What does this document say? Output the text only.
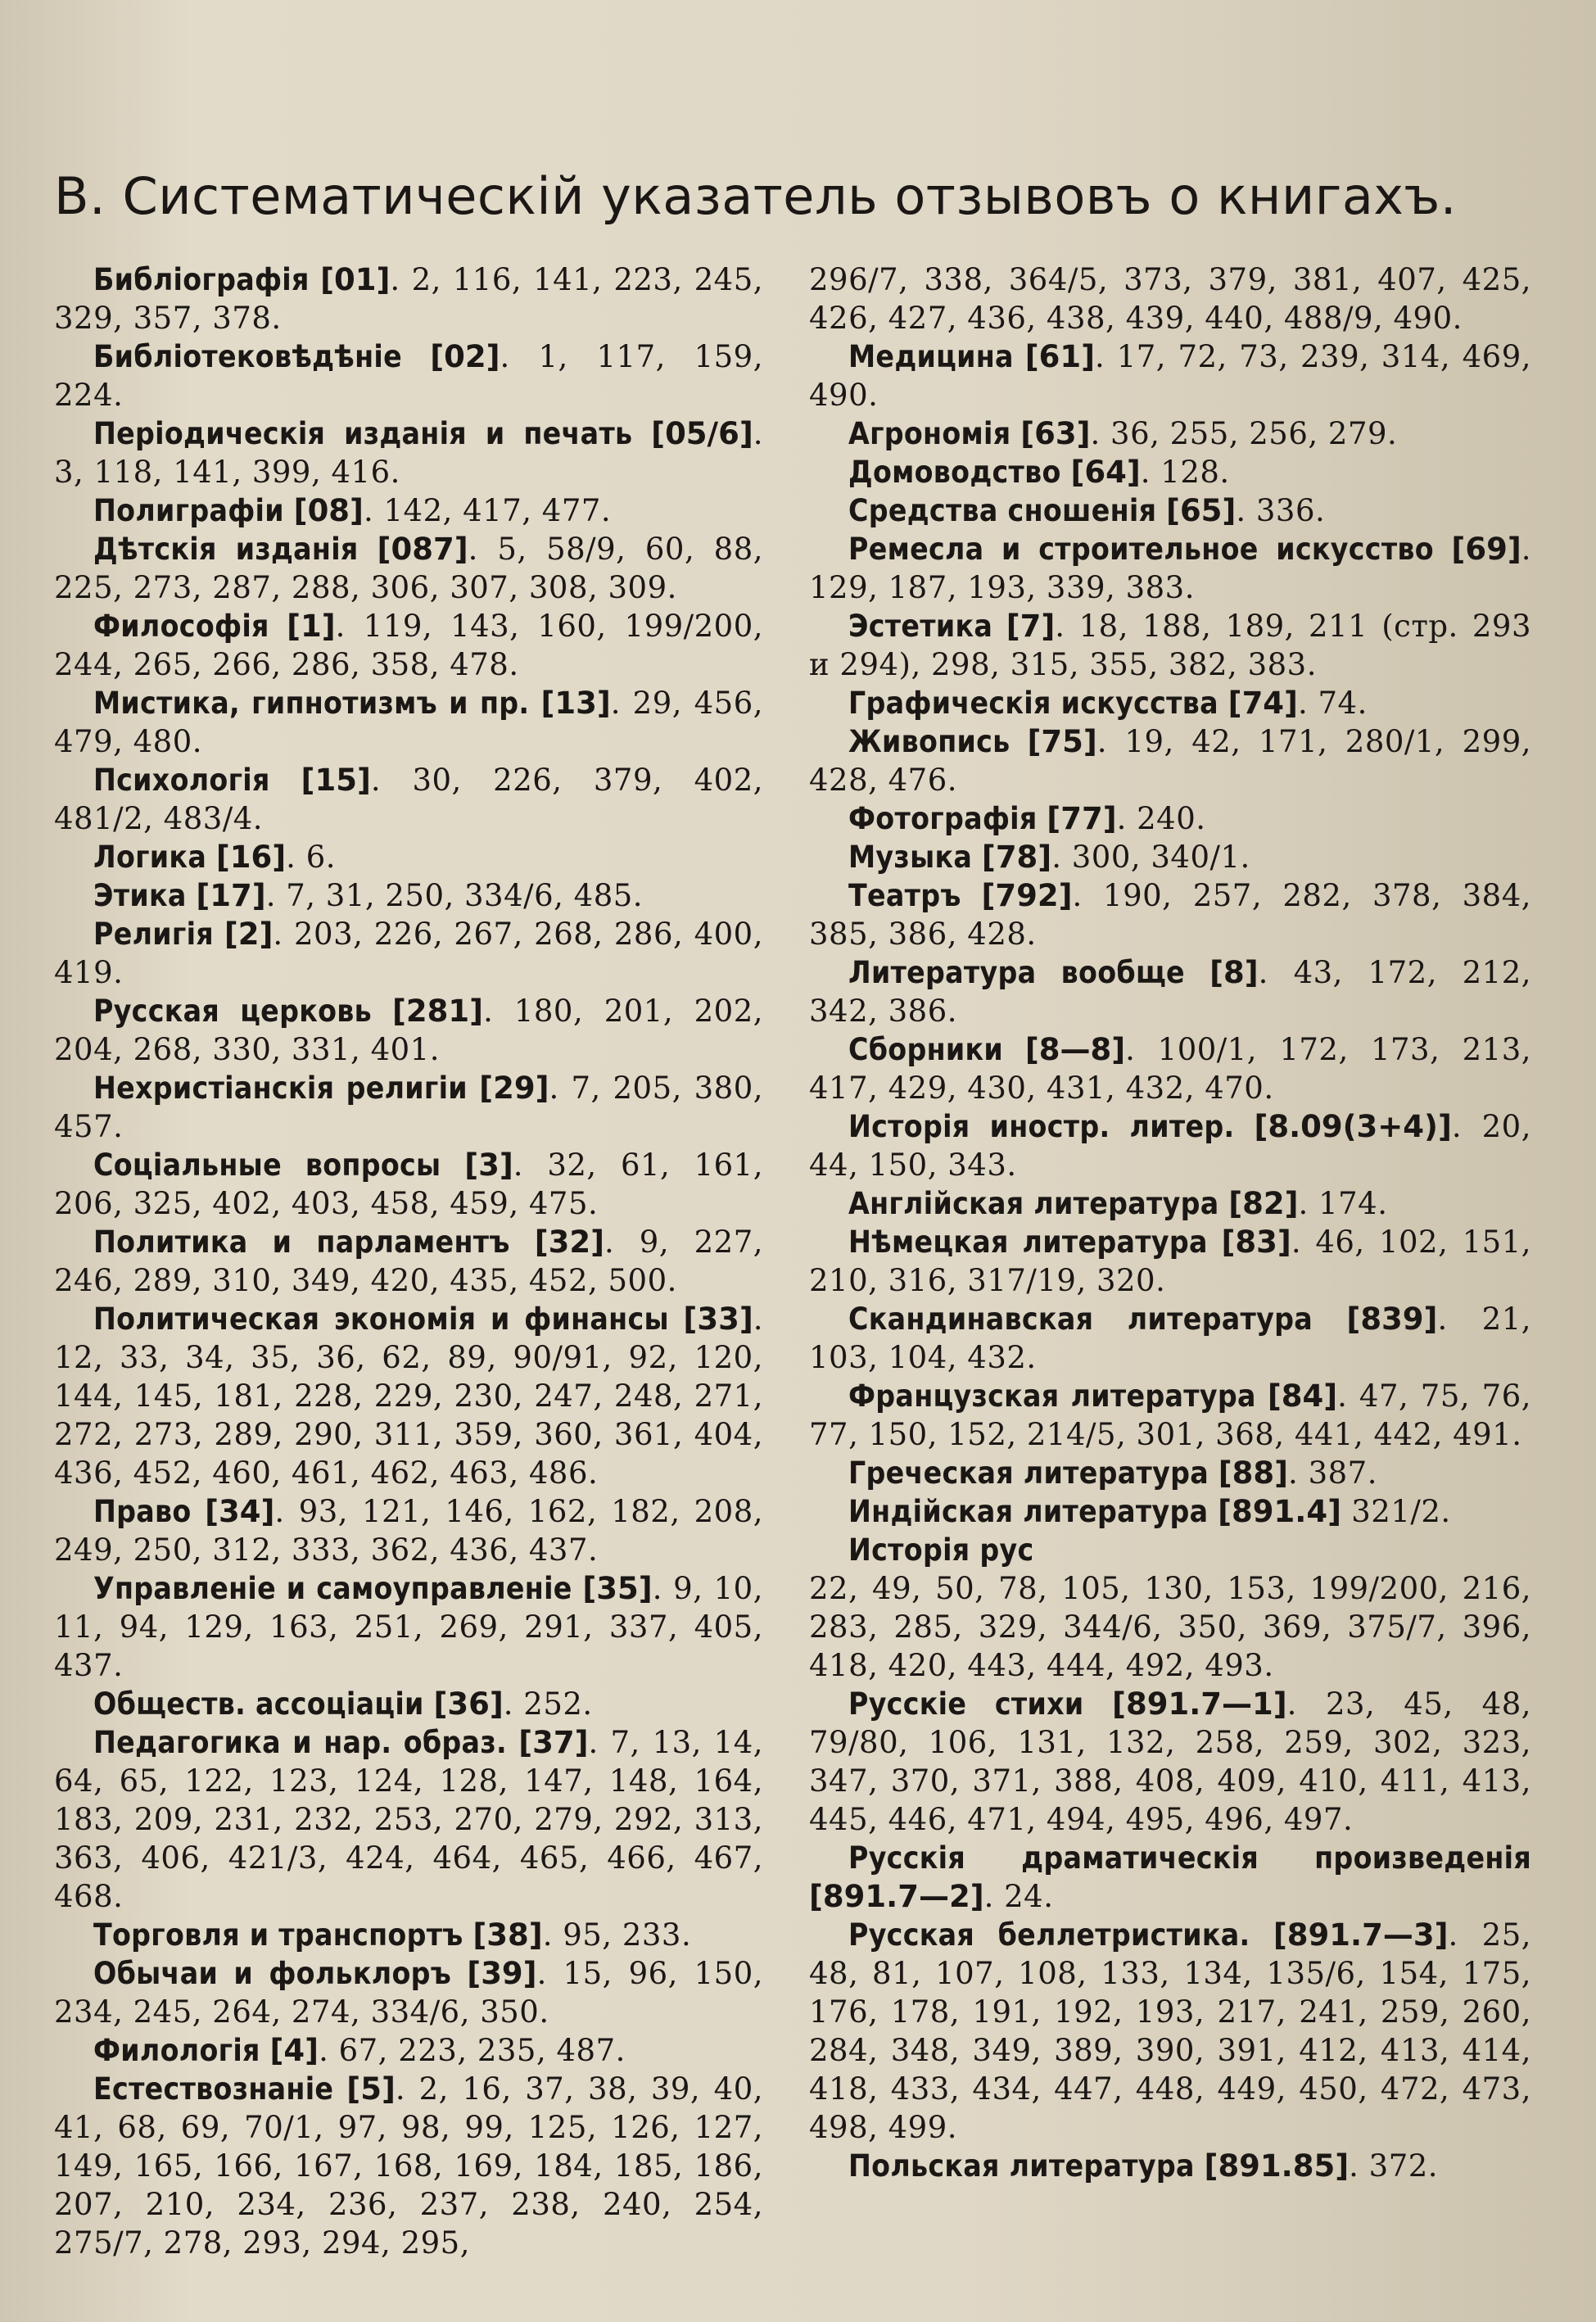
В. Систематическій указатель отзывовъ о книгахъ.

Библіографія [01]. 2, 116, 141, 223, 245, 329, 357, 378.

Библіотековѣдѣніе [02]. 1, 117, 159, 224.

Періодическія изданія и печать [05/6]. 3, 118, 141, 399, 416.

Полиграфіи [08]. 142, 417, 477.

Дѣтскія изданія [087]. 5, 58/9, 60, 88, 225, 273, 287, 288, 306, 307, 308, 309.

Философія [1]. 119, 143, 160, 199/200, 244, 265, 266, 286, 358, 478.

Мистика, гипнотизмъ и пр. [13]. 29, 456, 479, 480.

Психологія [15]. 30, 226, 379, 402, 481/2, 483/4.

Логика [16]. 6.

Этика [17]. 7, 31, 250, 334/6, 485.

Религія [2]. 203, 226, 267, 268, 286, 400, 419.

Русская церковь [281]. 180, 201, 202, 204, 268, 330, 331, 401.

Нехристіанскія религіи [29]. 7, 205, 380, 457.

Соціальные вопросы [3]. 32, 61, 161, 206, 325, 402, 403, 458, 459, 475.

Политика и парламентъ [32]. 9, 227, 246, 289, 310, 349, 420, 435, 452, 500.

Политическая экономія и финансы [33]. 12, 33, 34, 35, 36, 62, 89, 90/91, 92, 120, 144, 145, 181, 228, 229, 230, 247, 248, 271, 272, 273, 289, 290, 311, 359, 360, 361, 404, 436, 452, 460, 461, 462, 463, 486.

Право [34]. 93, 121, 146, 162, 182, 208, 249, 250, 312, 333, 362, 436, 437.

Управленіе и самоуправленіе [35]. 9, 10, 11, 94, 129, 163, 251, 269, 291, 337, 405, 437.

Обществ. ассоціаціи [36]. 252.

Педагогика и нар. образ. [37]. 7, 13, 14, 64, 65, 122, 123, 124, 128, 147, 148, 164, 183, 209, 231, 232, 253, 270, 279, 292, 313, 363, 406, 421/3, 424, 464, 465, 466, 467, 468.

Торговля и транспортъ [38]. 95, 233.

Обычаи и фольклоръ [39]. 15, 96, 150, 234, 245, 264, 274, 334/6, 350.

Филологія [4]. 67, 223, 235, 487.

Естествознаніе [5]. 2, 16, 37, 38, 39, 40, 41, 68, 69, 70/1, 97, 98, 99, 125, 126, 127, 149, 165, 166, 167, 168, 169, 184, 185, 186, 207, 210, 234, 236, 237, 238, 240, 254, 275/7, 278, 293, 294, 295,

296/7, 338, 364/5, 373, 379, 381, 407, 425, 426, 427, 436, 438, 439, 440, 488/9, 490.

Медицина [61]. 17, 72, 73, 239, 314, 469, 490.

Агрономія [63]. 36, 255, 256, 279.

Домоводство [64]. 128.

Средства сношенія [65]. 336.

Ремесла и строительное искусство [69]. 129, 187, 193, 339, 383.

Эстетика [7]. 18, 188, 189, 211 (стр. 293 и 294), 298, 315, 355, 382, 383.

Графическія искусства [74]. 74.

Живопись [75]. 19, 42, 171, 280/1, 299, 428, 476.

Фотографія [77]. 240.

Музыка [78]. 300, 340/1.

Театръ [792]. 190, 257, 282, 378, 384, 385, 386, 428.

Литература вообще [8]. 43, 172, 212, 342, 386.

Сборники [8—8]. 100/1, 172, 173, 213, 417, 429, 430, 431, 432, 470.

Исторія иностр. литер. [8.09(3+4)]. 20, 44, 150, 343.

Англійская литература [82]. 174.

Нѣмецкая литература [83]. 46, 102, 151, 210, 316, 317/19, 320.

Скандинавская литература [839]. 21, 103, 104, 432.

Французская литература [84]. 47, 75, 76, 77, 150, 152, 214/5, 301, 368, 441, 442, 491.

Греческая литература [88]. 387.

Индійская литература [891.4] 321/2.

Исторія рус

22, 49, 50, 78, 105, 130, 153, 199/200, 216, 283, 285, 329, 344/6, 350, 369, 375/7, 396, 418, 420, 443, 444, 492, 493.

Русскіе стихи [891.7—1]. 23, 45, 48, 79/80, 106, 131, 132, 258, 259, 302, 323, 347, 370, 371, 388, 408, 409, 410, 411, 413, 445, 446, 471, 494, 495, 496, 497.

Русскія драматическія произведенія [891.7—2]. 24.

Русская беллетристика. [891.7—3]. 25, 48, 81, 107, 108, 133, 134, 135/6, 154, 175, 176, 178, 191, 192, 193, 217, 241, 259, 260, 284, 348, 349, 389, 390, 391, 412, 413, 414, 418, 433, 434, 447, 448, 449, 450, 472, 473, 498, 499.

Польская литература [891.85]. 372.
